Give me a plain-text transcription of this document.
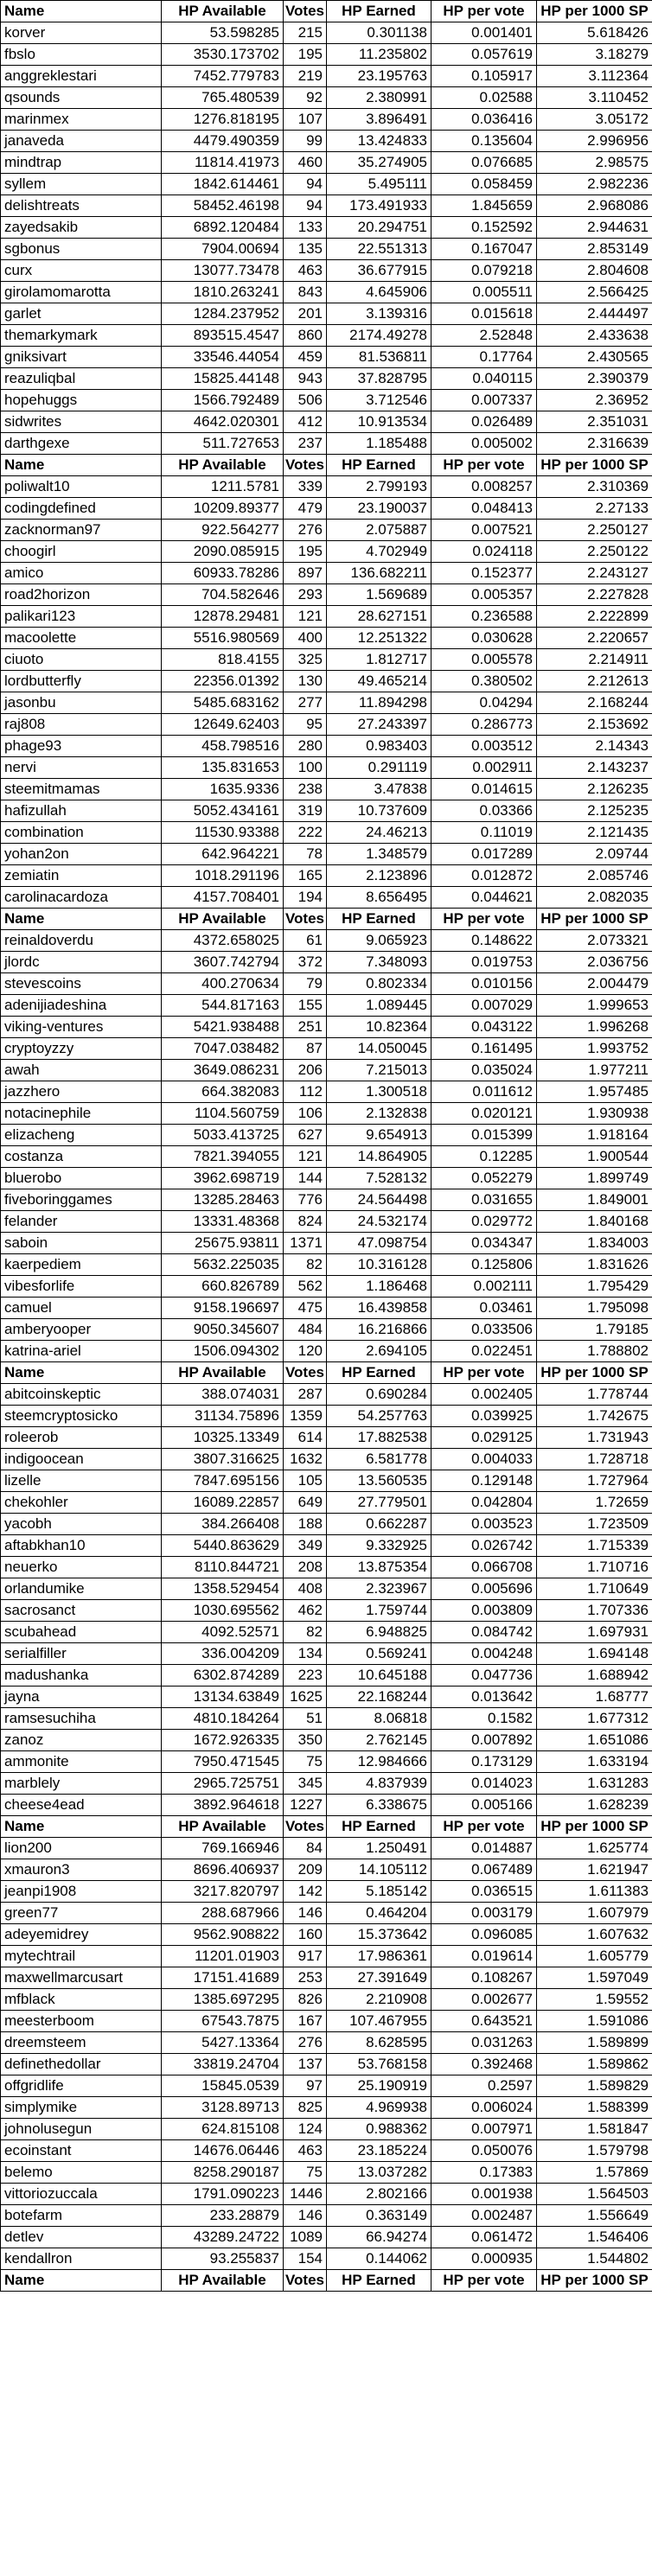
Name	HP Available	Votes	HP Earned	HP per vote	HP per 1000 SP
korver	53.598285	215	0.301138	0.001401	5.618426
fbslo	3530.173702	195	11.235802	0.057619	3.18279
anggreklestari	7452.779783	219	23.195763	0.105917	3.112364
qsounds	765.480539	92	2.380991	0.02588	3.110452
marinmex	1276.818195	107	3.896491	0.036416	3.05172
janaveda	4479.490359	99	13.424833	0.135604	2.996956
mindtrap	11814.41973	460	35.274905	0.076685	2.98575
syllem	1842.614461	94	5.495111	0.058459	2.982236
delishtreats	58452.46198	94	173.491933	1.845659	2.968086
zayedsakib	6892.120484	133	20.294751	0.152592	2.944631
sgbonus	7904.00694	135	22.551313	0.167047	2.853149
curx	13077.73478	463	36.677915	0.079218	2.804608
girolamomarotta	1810.263241	843	4.645906	0.005511	2.566425
garlet	1284.237952	201	3.139316	0.015618	2.444497
themarkymark	893515.4547	860	2174.49278	2.52848	2.433638
gniksivart	33546.44054	459	81.536811	0.17764	2.430565
reazuliqbal	15825.44148	943	37.828795	0.040115	2.390379
hopehuggs	1566.792489	506	3.712546	0.007337	2.36952
sidwrites	4642.020301	412	10.913534	0.026489	2.351031
darthgexe	511.727653	237	1.185488	0.005002	2.316639
Name	HP Available	Votes	HP Earned	HP per vote	HP per 1000 SP
poliwalt10	1211.5781	339	2.799193	0.008257	2.310369
codingdefined	10209.89377	479	23.190037	0.048413	2.27133
zacknorman97	922.564277	276	2.075887	0.007521	2.250127
choogirl	2090.085915	195	4.702949	0.024118	2.250122
amico	60933.78286	897	136.682211	0.152377	2.243127
road2horizon	704.582646	293	1.569689	0.005357	2.227828
palikari123	12878.29481	121	28.627151	0.236588	2.222899
macoolette	5516.980569	400	12.251322	0.030628	2.220657
ciuoto	818.4155	325	1.812717	0.005578	2.214911
lordbutterfly	22356.01392	130	49.465214	0.380502	2.212613
jasonbu	5485.683162	277	11.894298	0.04294	2.168244
raj808	12649.62403	95	27.243397	0.286773	2.153692
phage93	458.798516	280	0.983403	0.003512	2.14343
nervi	135.831653	100	0.291119	0.002911	2.143237
steemitmamas	1635.9336	238	3.47838	0.014615	2.126235
hafizullah	5052.434161	319	10.737609	0.03366	2.125235
combination	11530.93388	222	24.46213	0.11019	2.121435
yohan2on	642.964221	78	1.348579	0.017289	2.09744
zemiatin	1018.291196	165	2.123896	0.012872	2.085746
carolinacardoza	4157.708401	194	8.656495	0.044621	2.082035
Name	HP Available	Votes	HP Earned	HP per vote	HP per 1000 SP
reinaldoverdu	4372.658025	61	9.065923	0.148622	2.073321
jlordc	3607.742794	372	7.348093	0.019753	2.036756
stevescoins	400.270634	79	0.802334	0.010156	2.004479
adenijiadeshina	544.817163	155	1.089445	0.007029	1.999653
viking-ventures	5421.938488	251	10.82364	0.043122	1.996268
cryptoyzzy	7047.038482	87	14.050045	0.161495	1.993752
awah	3649.086231	206	7.215013	0.035024	1.977211
jazzhero	664.382083	112	1.300518	0.011612	1.957485
notacinephile	1104.560759	106	2.132838	0.020121	1.930938
elizacheng	5033.413725	627	9.654913	0.015399	1.918164
costanza	7821.394055	121	14.864905	0.12285	1.900544
bluerobo	3962.698719	144	7.528132	0.052279	1.899749
fiveboringgames	13285.28463	776	24.564498	0.031655	1.849001
felander	13331.48368	824	24.532174	0.029772	1.840168
saboin	25675.93811	1371	47.098754	0.034347	1.834003
kaerpediem	5632.225035	82	10.316128	0.125806	1.831626
vibesforlife	660.826789	562	1.186468	0.002111	1.795429
camuel	9158.196697	475	16.439858	0.03461	1.795098
amberyooper	9050.345607	484	16.216866	0.033506	1.79185
katrina-ariel	1506.094302	120	2.694105	0.022451	1.788802
Name	HP Available	Votes	HP Earned	HP per vote	HP per 1000 SP
abitcoinskeptic	388.074031	287	0.690284	0.002405	1.778744
steemcryptosicko	31134.75896	1359	54.257763	0.039925	1.742675
roleerob	10325.13349	614	17.882538	0.029125	1.731943
indigoocean	3807.316625	1632	6.581778	0.004033	1.728718
lizelle	7847.695156	105	13.560535	0.129148	1.727964
chekohler	16089.22857	649	27.779501	0.042804	1.72659
yacobh	384.266408	188	0.662287	0.003523	1.723509
aftabkhan10	5440.863629	349	9.332925	0.026742	1.715339
neuerko	8110.844721	208	13.875354	0.066708	1.710716
orlandumike	1358.529454	408	2.323967	0.005696	1.710649
sacrosanct	1030.695562	462	1.759744	0.003809	1.707336
scubahead	4092.52571	82	6.948825	0.084742	1.697931
serialfiller	336.004209	134	0.569241	0.004248	1.694148
madushanka	6302.874289	223	10.645188	0.047736	1.688942
jayna	13134.63849	1625	22.168244	0.013642	1.68777
ramsesuchiha	4810.184264	51	8.06818	0.1582	1.677312
zanoz	1672.926335	350	2.762145	0.007892	1.651086
ammonite	7950.471545	75	12.984666	0.173129	1.633194
marblely	2965.725751	345	4.837939	0.014023	1.631283
cheese4ead	3892.964618	1227	6.338675	0.005166	1.628239
Name	HP Available	Votes	HP Earned	HP per vote	HP per 1000 SP
lion200	769.166946	84	1.250491	0.014887	1.625774
xmauron3	8696.406937	209	14.105112	0.067489	1.621947
jeanpi1908	3217.820797	142	5.185142	0.036515	1.611383
green77	288.687966	146	0.464204	0.003179	1.607979
adeyemidrey	9562.908822	160	15.373642	0.096085	1.607632
mytechtrail	11201.01903	917	17.986361	0.019614	1.605779
maxwellmarcusart	17151.41689	253	27.391649	0.108267	1.597049
mfblack	1385.697295	826	2.210908	0.002677	1.59552
meesterboom	67543.7875	167	107.467955	0.643521	1.591086
dreemsteem	5427.13364	276	8.628595	0.031263	1.589899
definethedollar	33819.24704	137	53.768158	0.392468	1.589862
offgridlife	15845.0539	97	25.190919	0.2597	1.589829
simplymike	3128.89713	825	4.969938	0.006024	1.588399
johnolusegun	624.815108	124	0.988362	0.007971	1.581847
ecoinstant	14676.06446	463	23.185224	0.050076	1.579798
belemo	8258.290187	75	13.037282	0.17383	1.57869
vittoriozuccala	1791.090223	1446	2.802166	0.001938	1.564503
botefarm	233.28879	146	0.363149	0.002487	1.556649
detlev	43289.24722	1089	66.94274	0.061472	1.546406
kendallron	93.255837	154	0.144062	0.000935	1.544802
Name	HP Available	Votes	HP Earned	HP per vote	HP per 1000 SP
